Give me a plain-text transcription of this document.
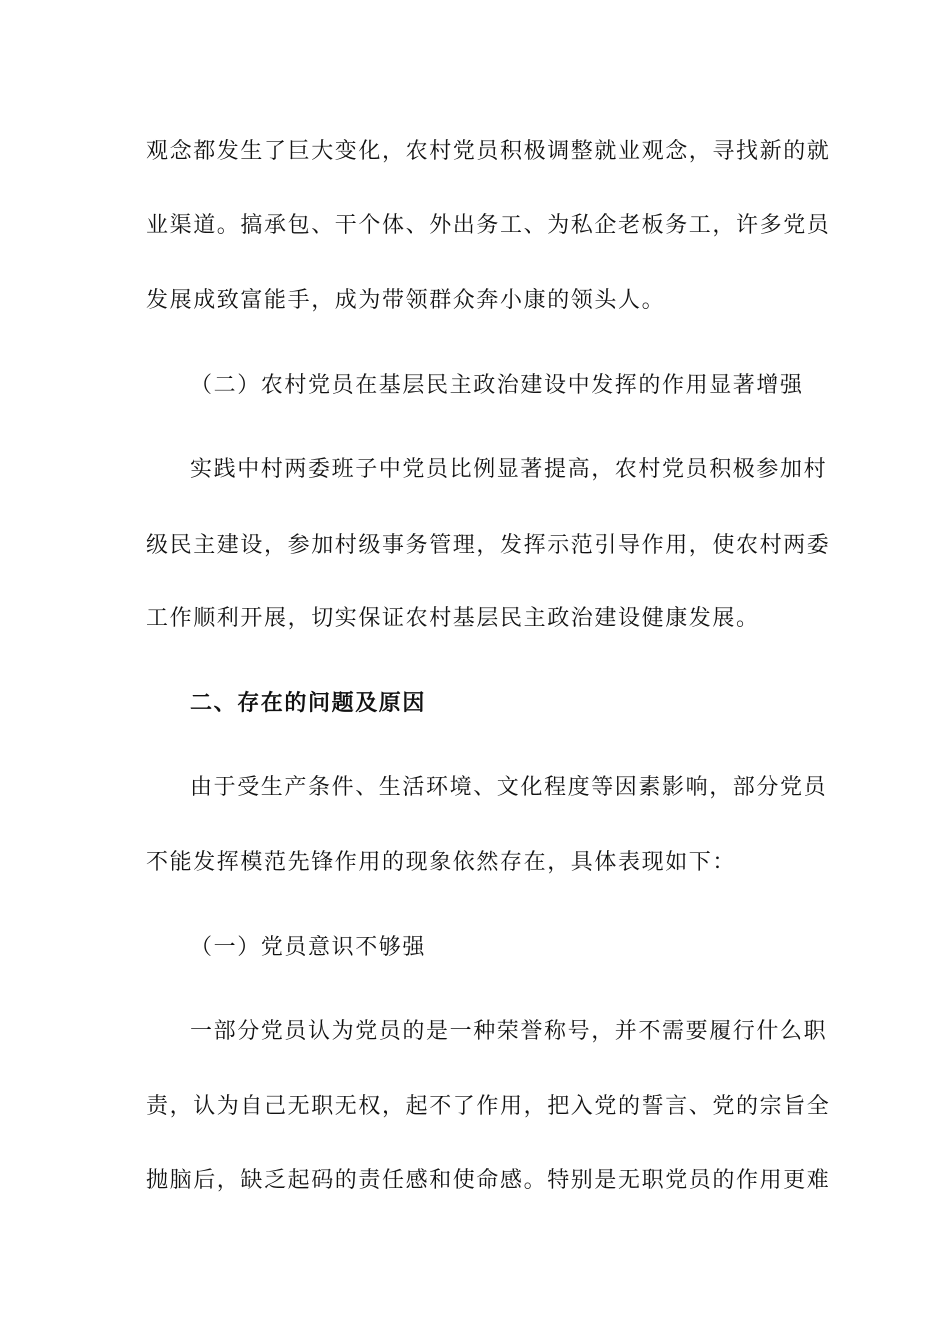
观念都发生了巨大变化，农村党员积极调整就业观念，寻找新的就
业渠道。搞承包、干个体、外出务工、为私企老板务工，许多党员
发展成致富能手，成为带领群众奔小康的领头人。
（二）农村党员在基层民主政治建设中发挥的作用显著增强
实践中村两委班子中党员比例显著提高，农村党员积极参加村
级民主建设，参加村级事务管理，发挥示范引导作用，使农村两委
工作顺利开展，切实保证农村基层民主政治建设健康发展。
二、存在的问题及原因
由于受生产条件、生活环境、文化程度等因素影响，部分党员
不能发挥模范先锋作用的现象依然存在，具体表现如下：
（一）党员意识不够强
一部分党员认为党员的是一种荣誉称号，并不需要履行什么职
责，认为自己无职无权，起不了作用，把入党的誓言、党的宗旨全
抛脑后，缺乏起码的责任感和使命感。特别是无职党员的作用更难
